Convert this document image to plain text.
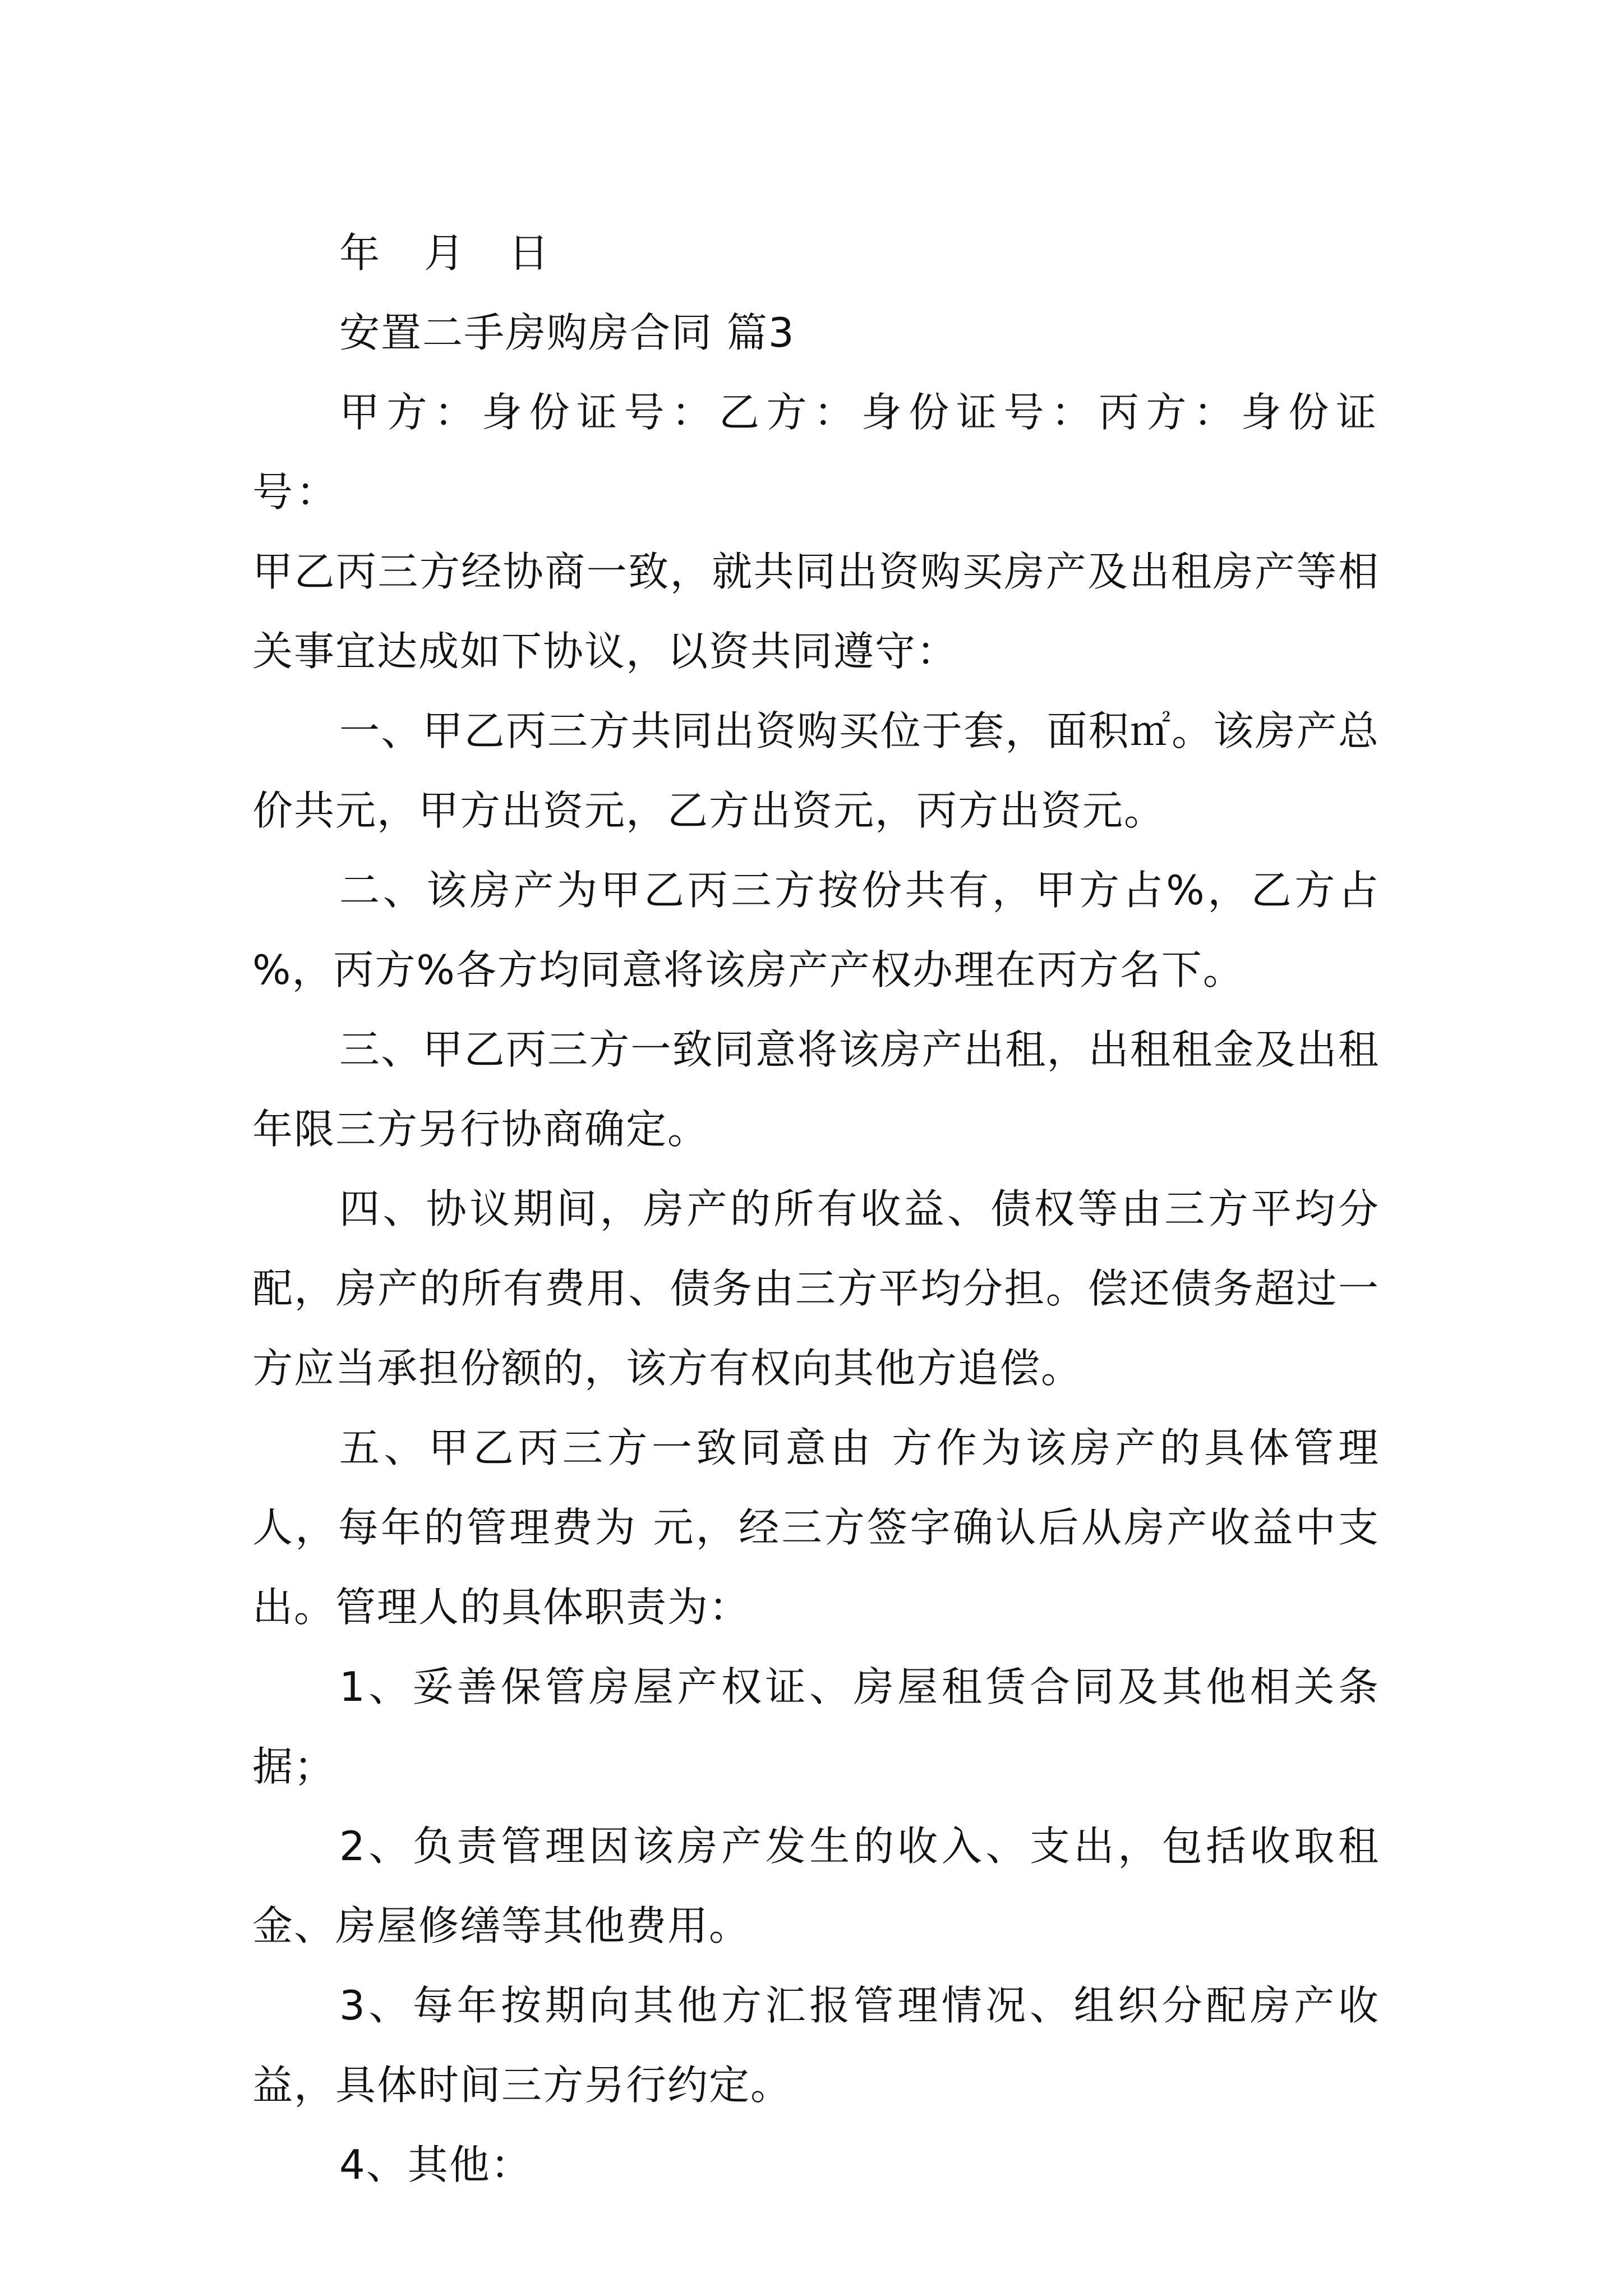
年 月 日

安置二手房购房合同 篇3

甲方：身份证号：乙方：身份证号：丙方：身份证号：

甲乙丙三方经协商一致，就共同出资购买房产及出租房产等相关事宜达成如下协议，以资共同遵守：

一、甲乙丙三方共同出资购买位于套，面积㎡。该房产总价共元，甲方出资元，乙方出资元，丙方出资元。

二、该房产为甲乙丙三方按份共有，甲方占%，乙方占 %，丙方%各方均同意将该房产产权办理在丙方名下。

三、甲乙丙三方一致同意将该房产出租，出租租金及出租年限三方另行协商确定。

四、协议期间，房产的所有收益、债权等由三方平均分配，房产的所有费用、债务由三方平均分担。偿还债务超过一方应当承担份额的，该方有权向其他方追偿。

五、甲乙丙三方一致同意由 方作为该房产的具体管理人，每年的管理费为 元，经三方签字确认后从房产收益中支出。管理人的具体职责为：

1、妥善保管房屋产权证、房屋租赁合同及其他相关条据；

2、负责管理因该房产发生的收入、支出，包括收取租金、房屋修缮等其他费用。

3、每年按期向其他方汇报管理情况、组织分配房产收益，具体时间三方另行约定。

4、其他：
